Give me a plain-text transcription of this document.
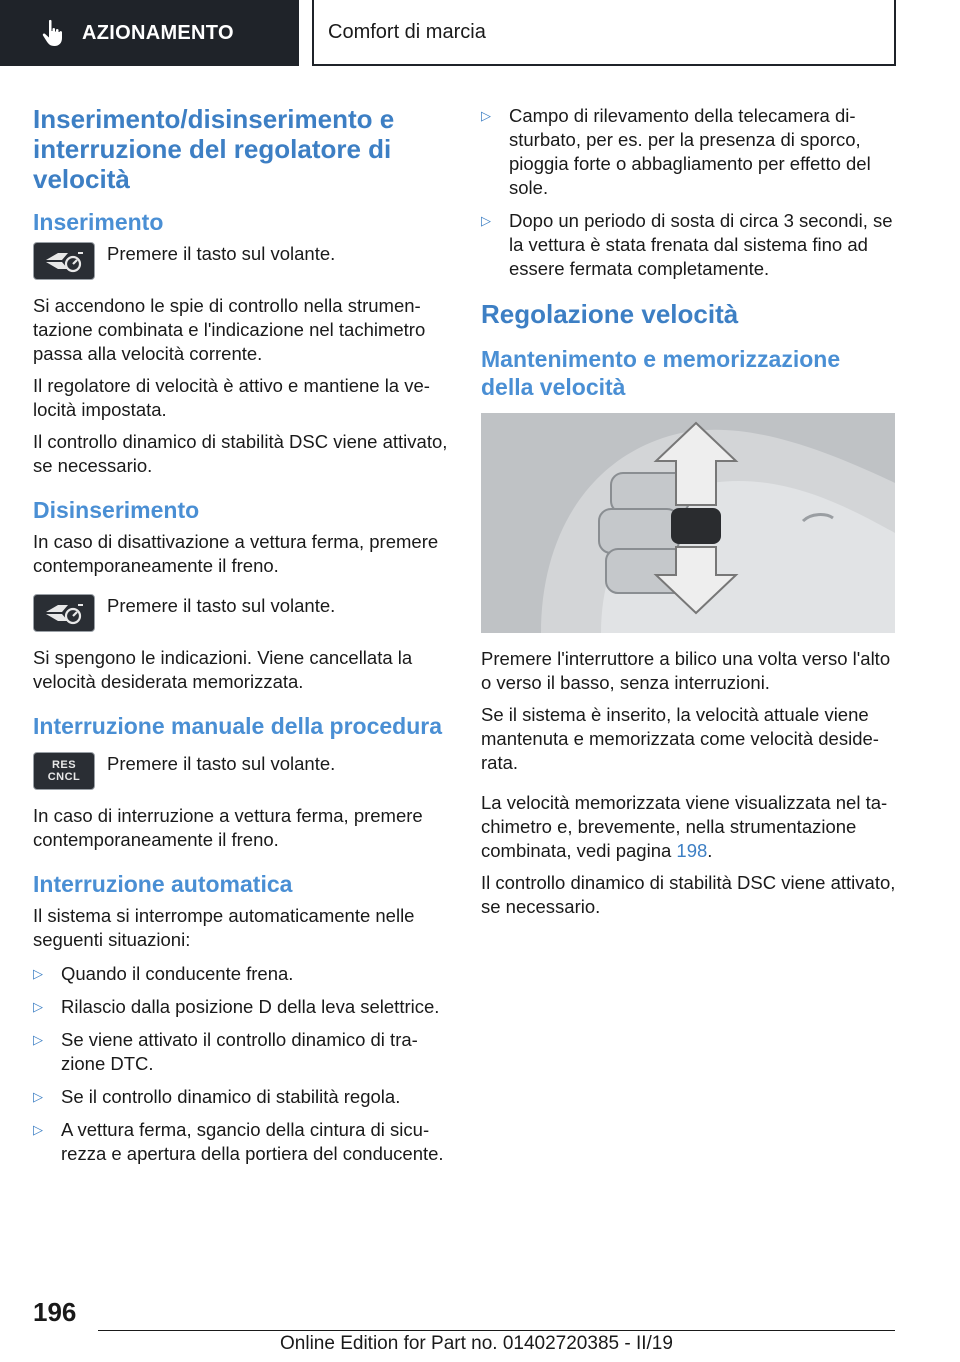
AZIONAMENTO	Comfort di marcia
Inserimento/disinserimento e interruzione del regolatore di velocità
Inserimento

Premere il tasto sul volante.

Si accendono le spie di controllo nella strumentazione combinata e l'indicazione nel tachimetro passa alla velocità corrente.

Il regolatore di velocità è attivo e mantiene la velocità impostata.

Il controllo dinamico di stabilità DSC viene attivato, se necessario.

Disinserimento

In caso di disattivazione a vettura ferma, premere contemporaneamente il freno.

Premere il tasto sul volante.

Si spengono le indicazioni. Viene cancellata la velocità desiderata memorizzata.

Interruzione manuale della procedura
RES
CNCL

Premere il tasto sul volante.

In caso di interruzione a vettura ferma, premere contemporaneamente il freno.

Interruzione automatica

Il sistema si interrompe automaticamente nelle seguenti situazioni:

▷ Quando il conducente frena.
▷ Rilascio dalla posizione D della leva selettrice.
▷ Se viene attivato il controllo dinamico di trazione DTC.
▷ Se il controllo dinamico di stabilità regola.
▷ A vettura ferma, sgancio della cintura di sicurezza e apertura della portiera del conducente.
▷ Campo di rilevamento della telecamera disturbato, per es. per la presenza di sporco, pioggia forte o abbagliamento per effetto del sole.
▷ Dopo un periodo di sosta di circa 3 secondi, se la vettura è stata frenata dal sistema fino ad essere fermata completamente.
Regolazione velocità
Mantenimento e memorizzazione della velocità

Premere l'interruttore a bilico una volta verso l'alto o verso il basso, senza interruzioni.

Se il sistema è inserito, la velocità attuale viene mantenuta e memorizzata come velocità desiderata.

La velocità memorizzata viene visualizzata nel tachimetro e, brevemente, nella strumentazione combinata, vedi pagina 198.

Il controllo dinamico di stabilità DSC viene attivato, se necessario.

196
Online Edition for Part no. 01402720385 - II/19
